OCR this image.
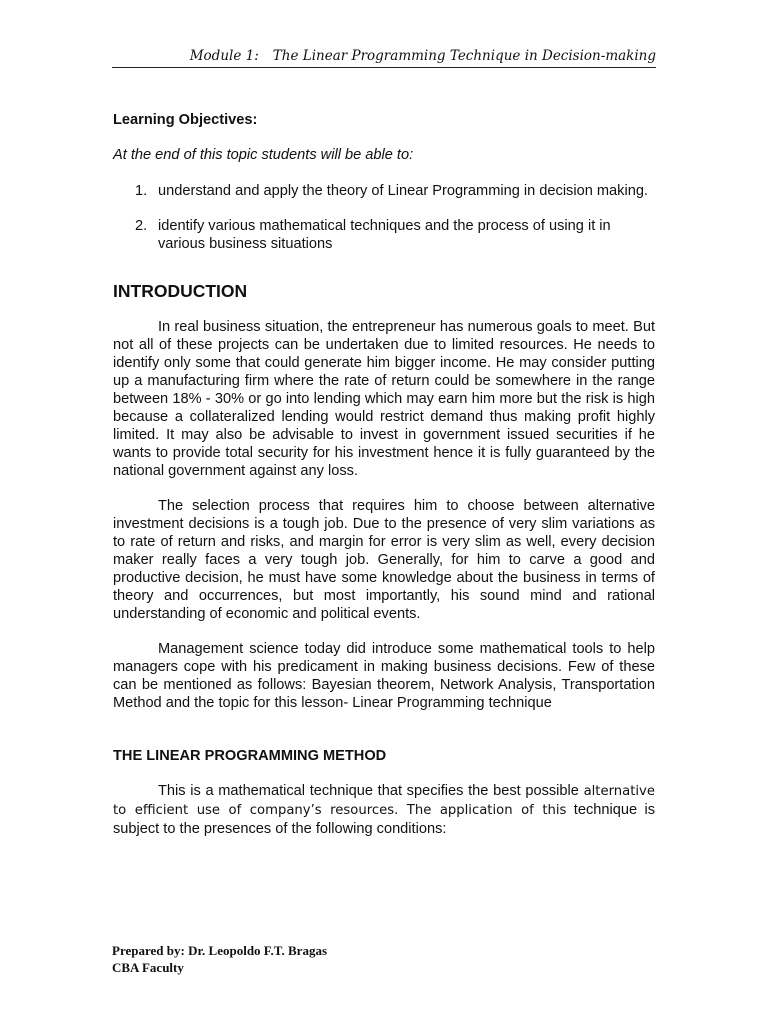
Module 1: The Linear Programming Technique in Decision-making

Learning Objectives:

At the end of this topic students will be able to:

1. understand and apply the theory of Linear Programming in decision making.
2. identify various mathematical techniques and the process of using it in various business situations
INTRODUCTION

In real business situation, the entrepreneur has numerous goals to meet. But not all of these projects can be undertaken due to limited resources. He needs to identify only some that could generate him bigger income. He may consider putting up a manufacturing firm where the rate of return could be somewhere in the range between 18% - 30% or go into lending which may earn him more but the risk is high because a collateralized lending would restrict demand thus making profit highly limited. It may also be advisable to invest in government issued securities if he wants to provide total security for his investment hence it is fully guaranteed by the national government against any loss.

The selection process that requires him to choose between alternative investment decisions is a tough job. Due to the presence of very slim variations as to rate of return and risks, and margin for error is very slim as well, every decision maker really faces a very tough job. Generally, for him to carve a good and productive decision, he must have some knowledge about the business in terms of theory and occurrences, but most importantly, his sound mind and rational understanding of economic and political events.

Management science today did introduce some mathematical tools to help managers cope with his predicament in making business decisions. Few of these can be mentioned as follows: Bayesian theorem, Network Analysis, Transportation Method and the topic for this lesson- Linear Programming technique

THE LINEAR PROGRAMMING METHOD

This is a mathematical technique that specifies the best possible alternative to efficient use of company’s resources. The application of this technique is subject to the presences of the following conditions:

Prepared by: Dr. Leopoldo F.T. Bragas
CBA Faculty
